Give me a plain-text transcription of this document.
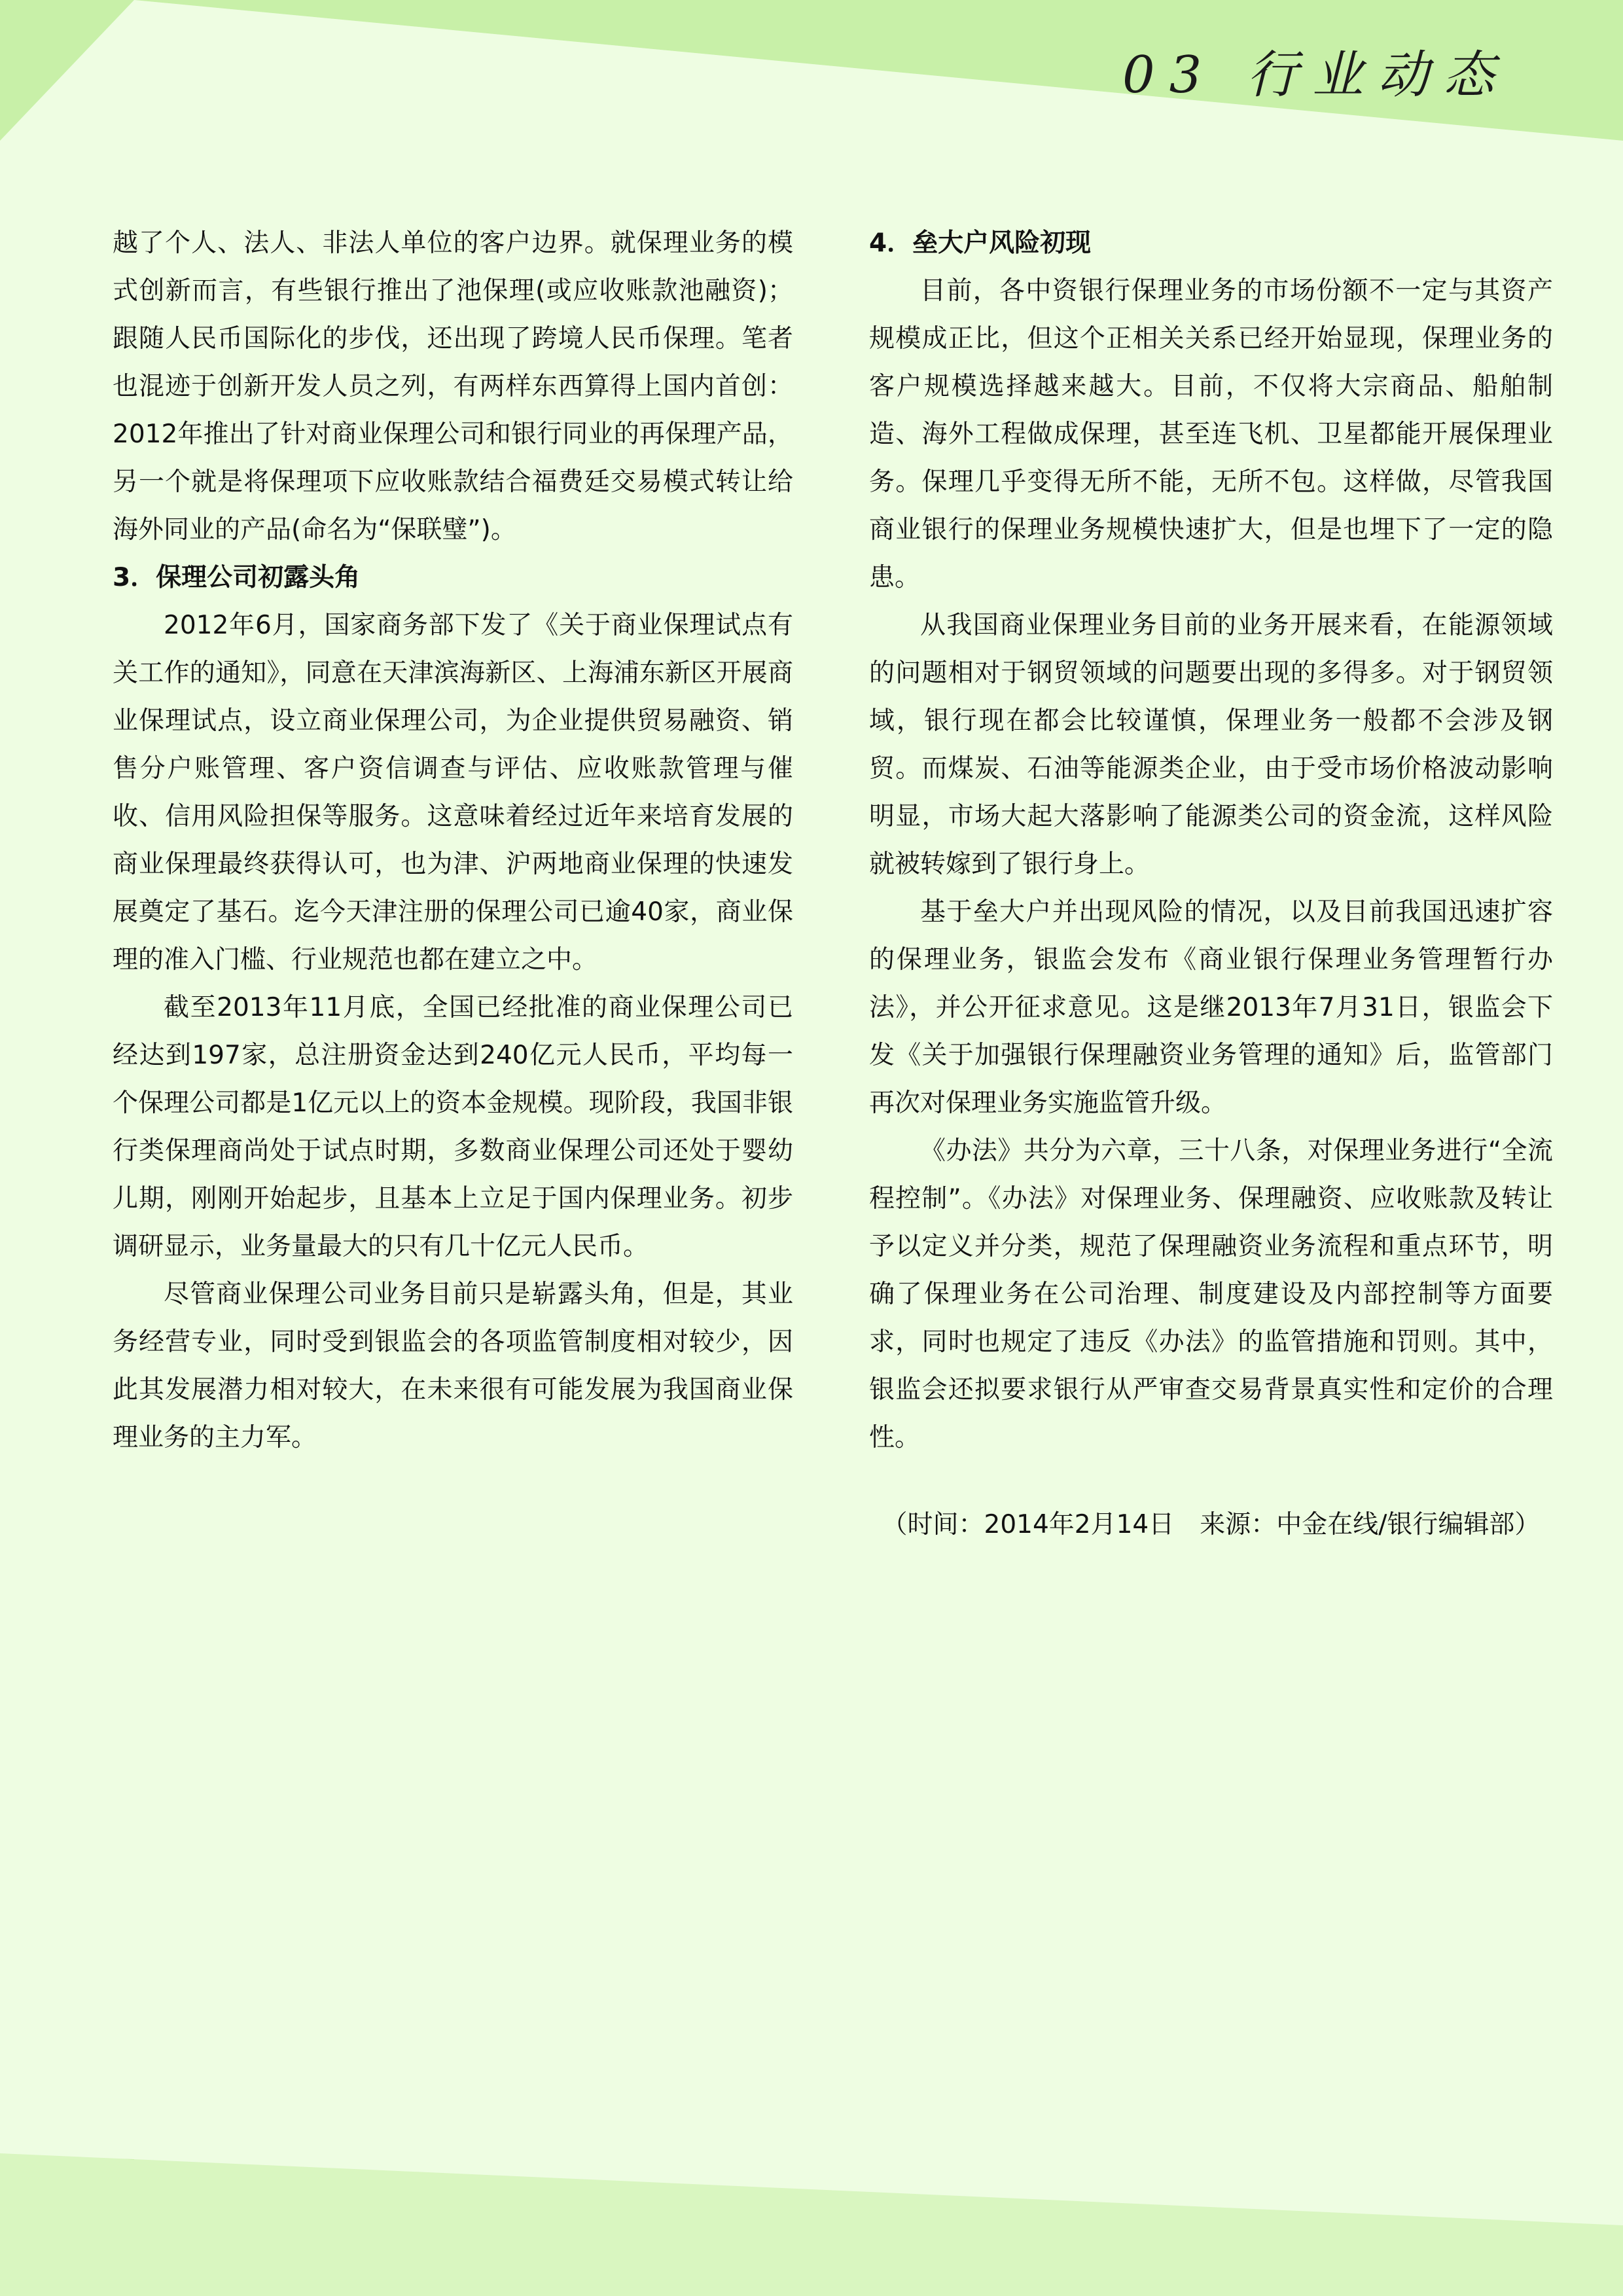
03 行业动态

越了个人、法人、非法人单位的客户边界。就保理业务的模式创新而言，有些银行推出了池保理(或应收账款池融资)；跟随人民币国际化的步伐，还出现了跨境人民币保理。笔者也混迹于创新开发人员之列，有两样东西算得上国内首创：2012年推出了针对商业保理公司和银行同业的再保理产品，另一个就是将保理项下应收账款结合福费廷交易模式转让给海外同业的产品(命名为“保联璧”)。

3．保理公司初露头角

2012年6月，国家商务部下发了《关于商业保理试点有关工作的通知》，同意在天津滨海新区、上海浦东新区开展商业保理试点，设立商业保理公司，为企业提供贸易融资、销售分户账管理、客户资信调查与评估、应收账款管理与催收、信用风险担保等服务。这意味着经过近年来培育发展的商业保理最终获得认可，也为津、沪两地商业保理的快速发展奠定了基石。迄今天津注册的保理公司已逾40家，商业保理的准入门槛、行业规范也都在建立之中。

截至2013年11月底，全国已经批准的商业保理公司已经达到197家，总注册资金达到240亿元人民币，平均每一个保理公司都是1亿元以上的资本金规模。现阶段，我国非银行类保理商尚处于试点时期，多数商业保理公司还处于婴幼儿期，刚刚开始起步，且基本上立足于国内保理业务。初步调研显示，业务量最大的只有几十亿元人民币。

尽管商业保理公司业务目前只是崭露头角，但是，其业务经营专业，同时受到银监会的各项监管制度相对较少，因此其发展潜力相对较大，在未来很有可能发展为我国商业保理业务的主力军。

4．垒大户风险初现

目前，各中资银行保理业务的市场份额不一定与其资产规模成正比，但这个正相关关系已经开始显现，保理业务的客户规模选择越来越大。目前，不仅将大宗商品、船舶制造、海外工程做成保理，甚至连飞机、卫星都能开展保理业务。保理几乎变得无所不能，无所不包。这样做，尽管我国商业银行的保理业务规模快速扩大，但是也埋下了一定的隐患。

从我国商业保理业务目前的业务开展来看，在能源领域的问题相对于钢贸领域的问题要出现的多得多。对于钢贸领域，银行现在都会比较谨慎，保理业务一般都不会涉及钢贸。而煤炭、石油等能源类企业，由于受市场价格波动影响明显，市场大起大落影响了能源类公司的资金流，这样风险就被转嫁到了银行身上。

基于垒大户并出现风险的情况，以及目前我国迅速扩容的保理业务，银监会发布《商业银行保理业务管理暂行办法》，并公开征求意见。这是继2013年7月31日，银监会下发《关于加强银行保理融资业务管理的通知》后，监管部门再次对保理业务实施监管升级。

《办法》共分为六章，三十八条，对保理业务进行“全流程控制”。《办法》对保理业务、保理融资、应收账款及转让予以定义并分类，规范了保理融资业务流程和重点环节，明确了保理业务在公司治理、制度建设及内部控制等方面要求，同时也规定了违反《办法》的监管措施和罚则。其中，银监会还拟要求银行从严审查交易背景真实性和定价的合理性。

（时间：2014年2月14日　来源：中金在线/银行编辑部）
